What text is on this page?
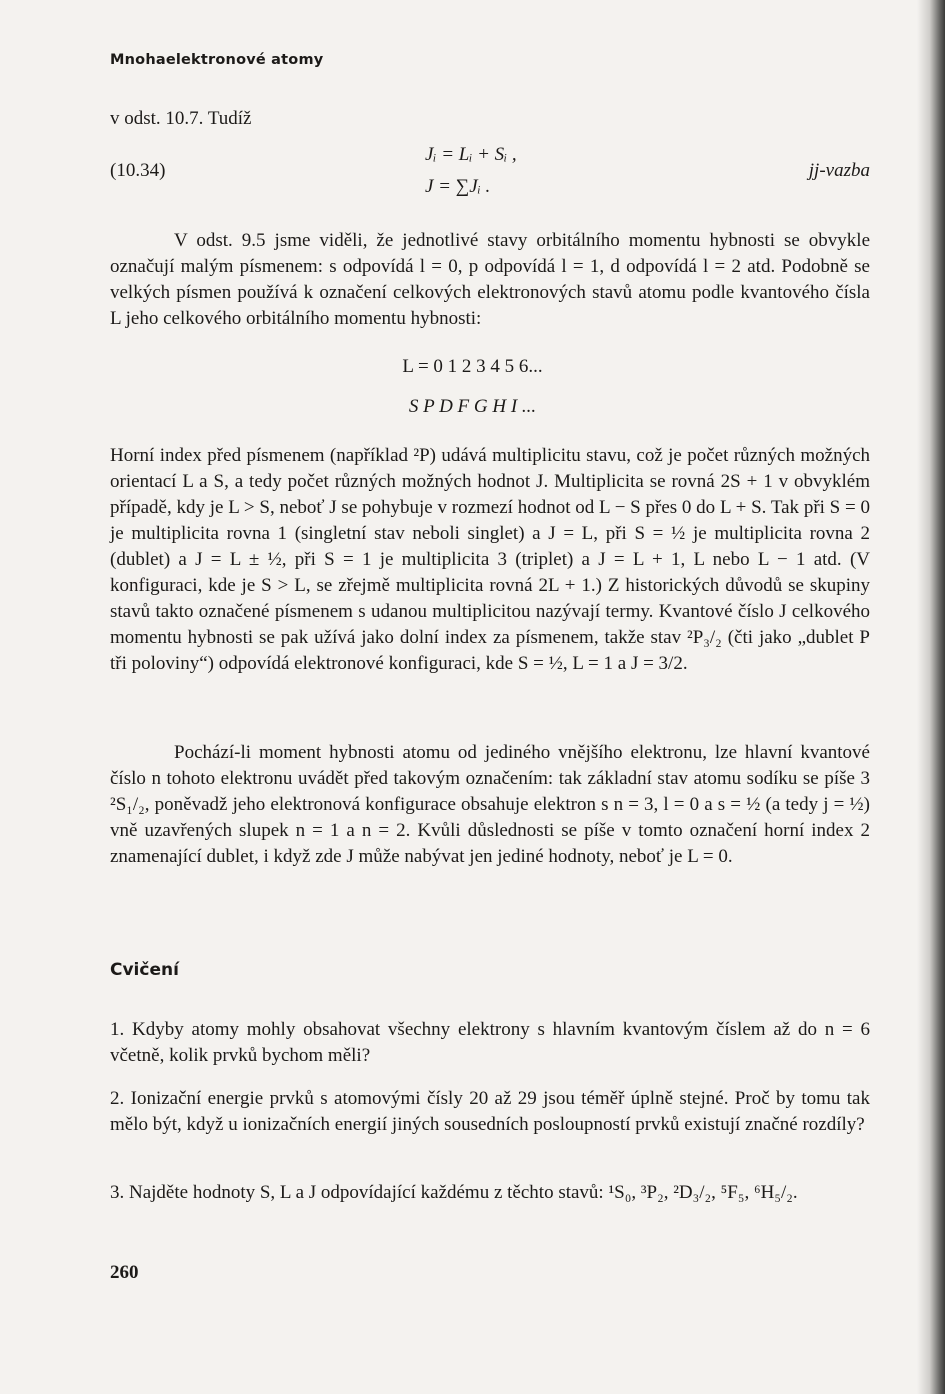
Mnohaelektronové atomy

v odst. 10.7. Tudíž

(10.34)
Jᵢ = Lᵢ + Sᵢ ,
J = ∑Jᵢ .
jj-vazba

V odst. 9.5 jsme viděli, že jednotlivé stavy orbitálního momentu hybnosti se obvykle označují malým písmenem: s odpovídá l = 0, p odpovídá l = 1, d odpovídá l = 2 atd. Podobně se velkých písmen používá k označení celkových elektronových stavů atomu podle kvantového čísla L jeho celkového orbitálního momentu hybnosti:

L = 0 1 2 3 4 5 6...
S P D F G H I ...

Horní index před písmenem (například ²P) udává multiplicitu stavu, což je počet různých možných orientací L a S, a tedy počet různých možných hodnot J. Multiplicita se rovná 2S + 1 v obvyklém případě, kdy je L > S, neboť J se pohybuje v rozmezí hodnot od L − S přes 0 do L + S. Tak při S = 0 je multiplicita rovna 1 (singletní stav neboli singlet) a J = L, při S = ½ je multiplicita rovna 2 (dublet) a J = L ± ½, při S = 1 je multiplicita 3 (triplet) a J = L + 1, L nebo L − 1 atd. (V konfiguraci, kde je S > L, se zřejmě multiplicita rovná 2L + 1.) Z historických důvodů se skupiny stavů takto označené písmenem s udanou multiplicitou nazývají termy. Kvantové číslo J celkového momentu hybnosti se pak užívá jako dolní index za písmenem, takže stav ²P₃/₂ (čti jako „dublet P tři poloviny“) odpovídá elektronové konfiguraci, kde S = ½, L = 1 a J = 3/2.

Pochází-li moment hybnosti atomu od jediného vnějšího elektronu, lze hlavní kvantové číslo n tohoto elektronu uvádět před takovým označením: tak základní stav atomu sodíku se píše 3 ²S₁/₂, poněvadž jeho elektronová konfigurace obsahuje elektron s n = 3, l = 0 a s = ½ (a tedy j = ½) vně uzavřených slupek n = 1 a n = 2. Kvůli důslednosti se píše v tomto označení horní index 2 znamenající dublet, i když zde J může nabývat jen jediné hodnoty, neboť je L = 0.

Cvičení

1. Kdyby atomy mohly obsahovat všechny elektrony s hlavním kvantovým číslem až do n = 6 včetně, kolik prvků bychom měli?

2. Ionizační energie prvků s atomovými čísly 20 až 29 jsou téměř úplně stejné. Proč by tomu tak mělo být, když u ionizačních energií jiných sousedních posloupností prvků existují značné rozdíly?

3. Najděte hodnoty S, L a J odpovídající každému z těchto stavů: ¹S₀, ³P₂, ²D₃/₂, ⁵F₅, ⁶H₅/₂.

260
